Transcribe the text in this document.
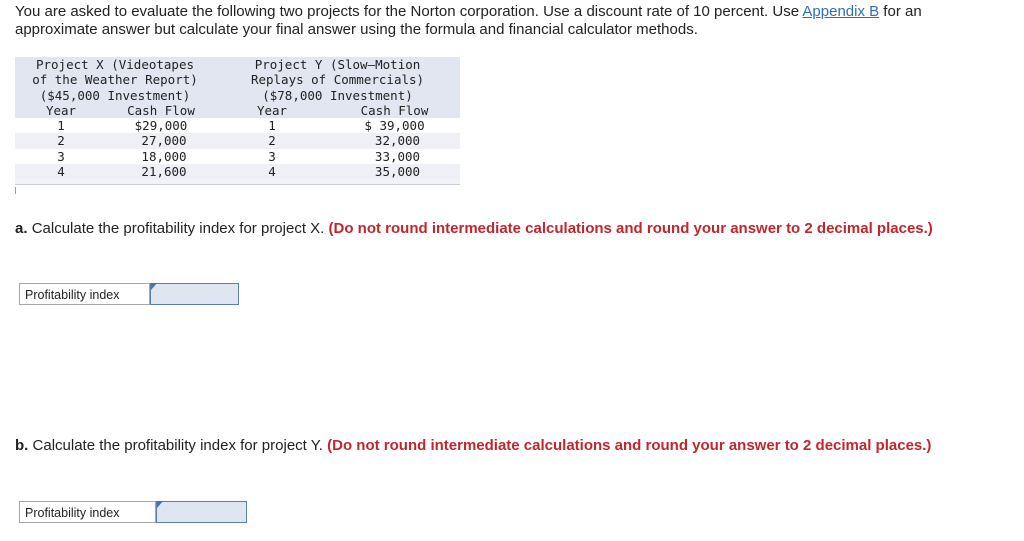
You are asked to evaluate the following two projects for the Norton corporation. Use a discount rate of 10 percent. Use Appendix B for an approximate answer but calculate your final answer using the formula and financial calculator methods.

Project X (Videotapes		Project Y (Slow–Motion	
of the Weather Report)		Replays of Commercials)	
($45,000 Investment)		($78,000 Investment)	
Year	Cash Flow	Year	Cash Flow
1	$29,000	1	$ 39,000
2	27,000	2	32,000
3	18,000	3	33,000
4	21,600	4	35,000

a. Calculate the profitability index for project X. (Do not round intermediate calculations and round your answer to 2 decimal places.)

Profitability index

b. Calculate the profitability index for project Y. (Do not round intermediate calculations and round your answer to 2 decimal places.)

Profitability index
